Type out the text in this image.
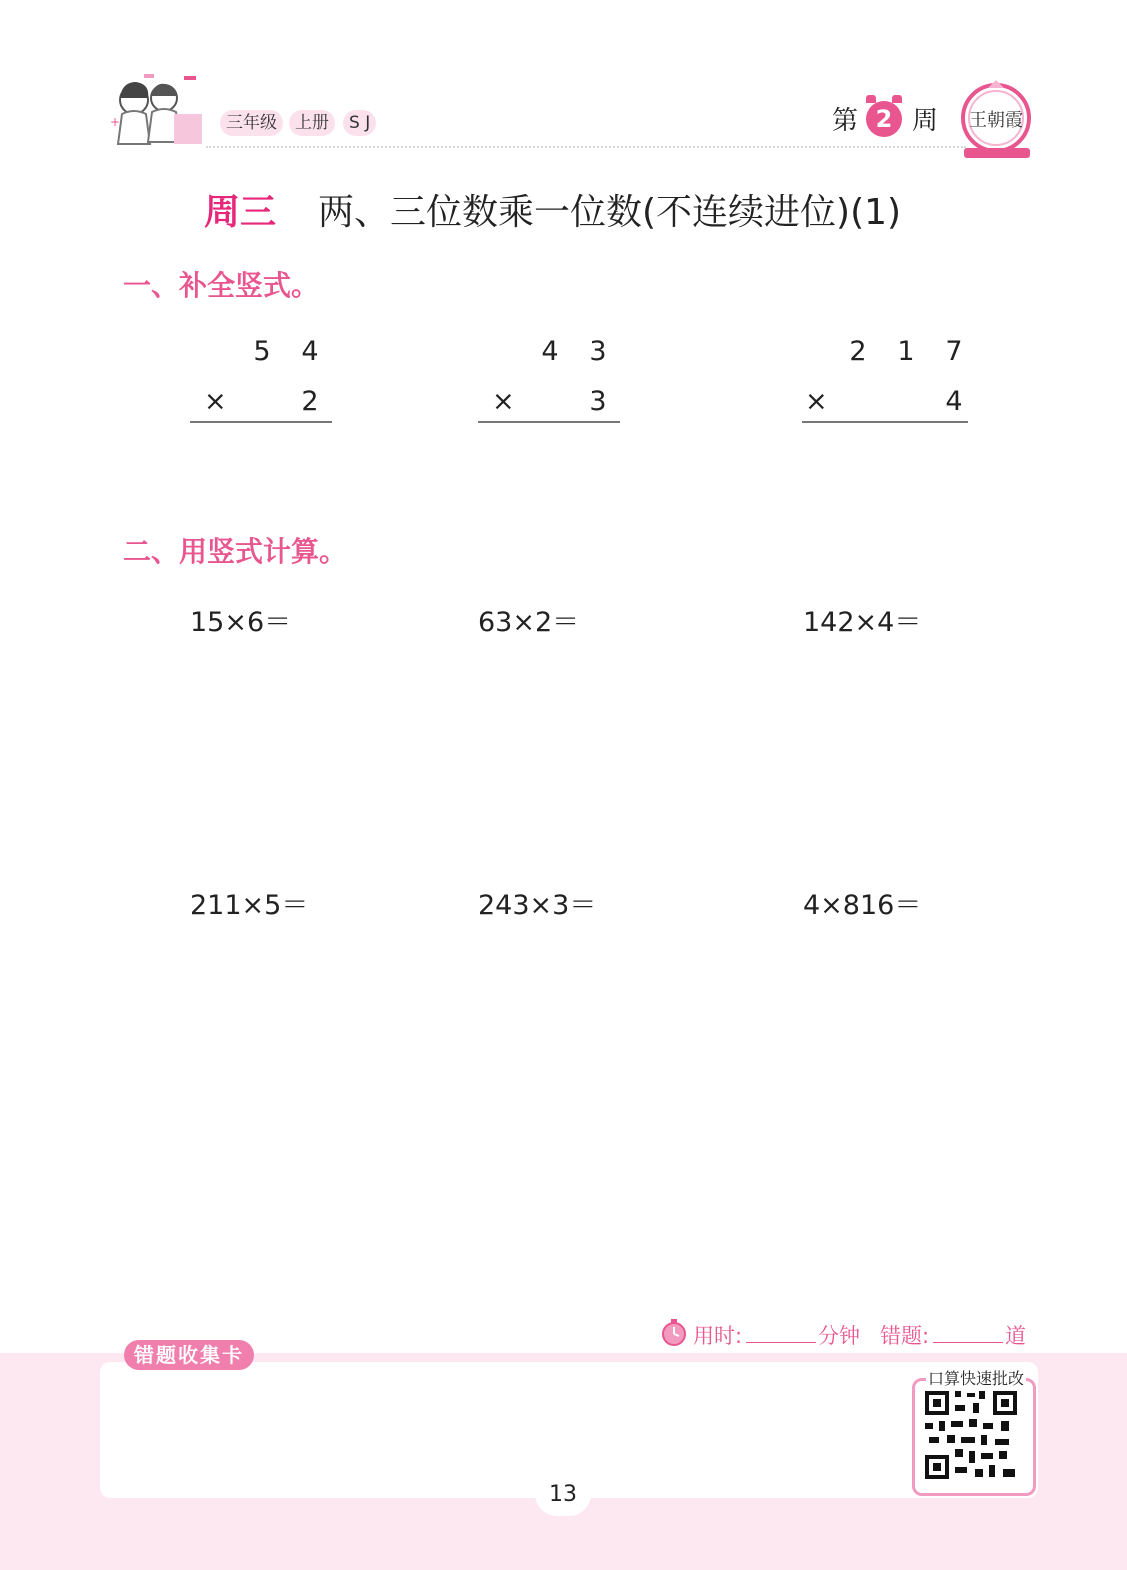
+	三年级	上册	S J	第 2 周 王朝霞
周三 两、三位数乘一位数(不连续进位)(1)
一、补全竖式。
5 4
×	2
4 3
×	3
2 1 7
×	4
二、用竖式计算。
15×6＝	63×2＝	142×4＝
211×5＝	243×3＝	4×816＝
用时:	分钟 错题:	道
错题收集卡
口算快速批改
13
